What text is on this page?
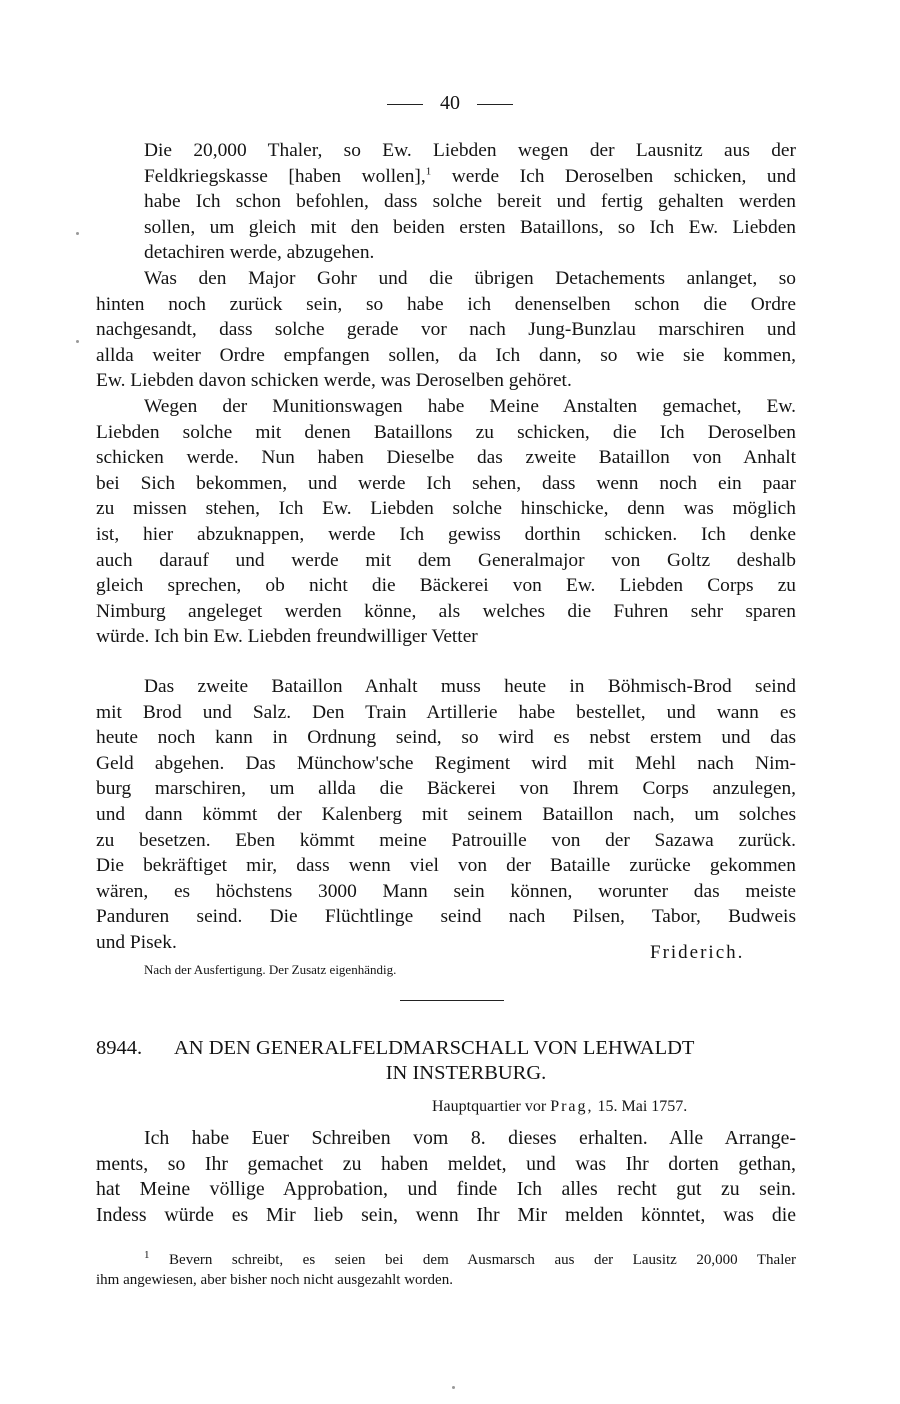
40
Die 20,000 Thaler, so Ew. Liebden wegen der Lausnitz aus der
Feldkriegskasse [haben wollen],$^1$ werde Ich Deroselben schicken, und
habe Ich schon befohlen, dass solche bereit und fertig gehalten werden
sollen, um gleich mit den beiden ersten Bataillons, so Ich Ew. Liebden
detachiren werde, abzugehen.
Was den Major Gohr und die übrigen Detachements anlanget, so
hinten noch zurück sein, so habe ich denenselben schon die Ordre
nachgesandt, dass solche gerade vor nach Jung-Bunzlau marschiren und
allda weiter Ordre empfangen sollen, da Ich dann, so wie sie kommen,
Ew. Liebden davon schicken werde, was Deroselben gehöret.
Wegen der Munitionswagen habe Meine Anstalten gemachet, Ew.
Liebden solche mit denen Bataillons zu schicken, die Ich Deroselben
schicken werde. Nun haben Dieselbe das zweite Bataillon von Anhalt
bei Sich bekommen, und werde Ich sehen, dass wenn noch ein paar
zu missen stehen, Ich Ew. Liebden solche hinschicke, denn was möglich
ist, hier abzuknappen, werde Ich gewiss dorthin schicken. Ich denke
auch darauf und werde mit dem Generalmajor von Goltz deshalb
gleich sprechen, ob nicht die Bäckerei von Ew. Liebden Corps zu
Nimburg angeleget werden könne, als welches die Fuhren sehr sparen
würde. Ich bin Ew. Liebden freundwilliger Vetter
Das zweite Bataillon Anhalt muss heute in Böhmisch-Brod seind
mit Brod und Salz. Den Train Artillerie habe bestellet, und wann es
heute noch kann in Ordnung seind, so wird es nebst erstem und das
Geld abgehen. Das Münchow'sche Regiment wird mit Mehl nach Nim-
burg marschiren, um allda die Bäckerei von Ihrem Corps anzulegen,
und dann kömmt der Kalenberg mit seinem Bataillon nach, um solches
zu besetzen. Eben kömmt meine Patrouille von der Sazawa zurück.
Die bekräftiget mir, dass wenn viel von der Bataille zurücke gekommen
wären, es höchstens 3000 Mann sein können, worunter das meiste
Panduren seind. Die Flüchtlinge seind nach Pilsen, Tabor, Budweis
und Pisek.	Friderich.
Nach der Ausfertigung. Der Zusatz eigenhändig.
8944. AN DEN GENERALFELDMARSCHALL VON LEHWALDT
IN INSTERBURG.
Hauptquartier vor Prag, 15. Mai 1757.
Ich habe Euer Schreiben vom 8. dieses erhalten. Alle Arrange-
ments, so Ihr gemachet zu haben meldet, und was Ihr dorten gethan,
hat Meine völlige Approbation, und finde Ich alles recht gut zu sein.
Indess würde es Mir lieb sein, wenn Ihr Mir melden könntet, was die
$^1$ Bevern schreibt, es seien bei dem Ausmarsch aus der Lausitz 20,000 Thaler
ihm angewiesen, aber bisher noch nicht ausgezahlt worden.
